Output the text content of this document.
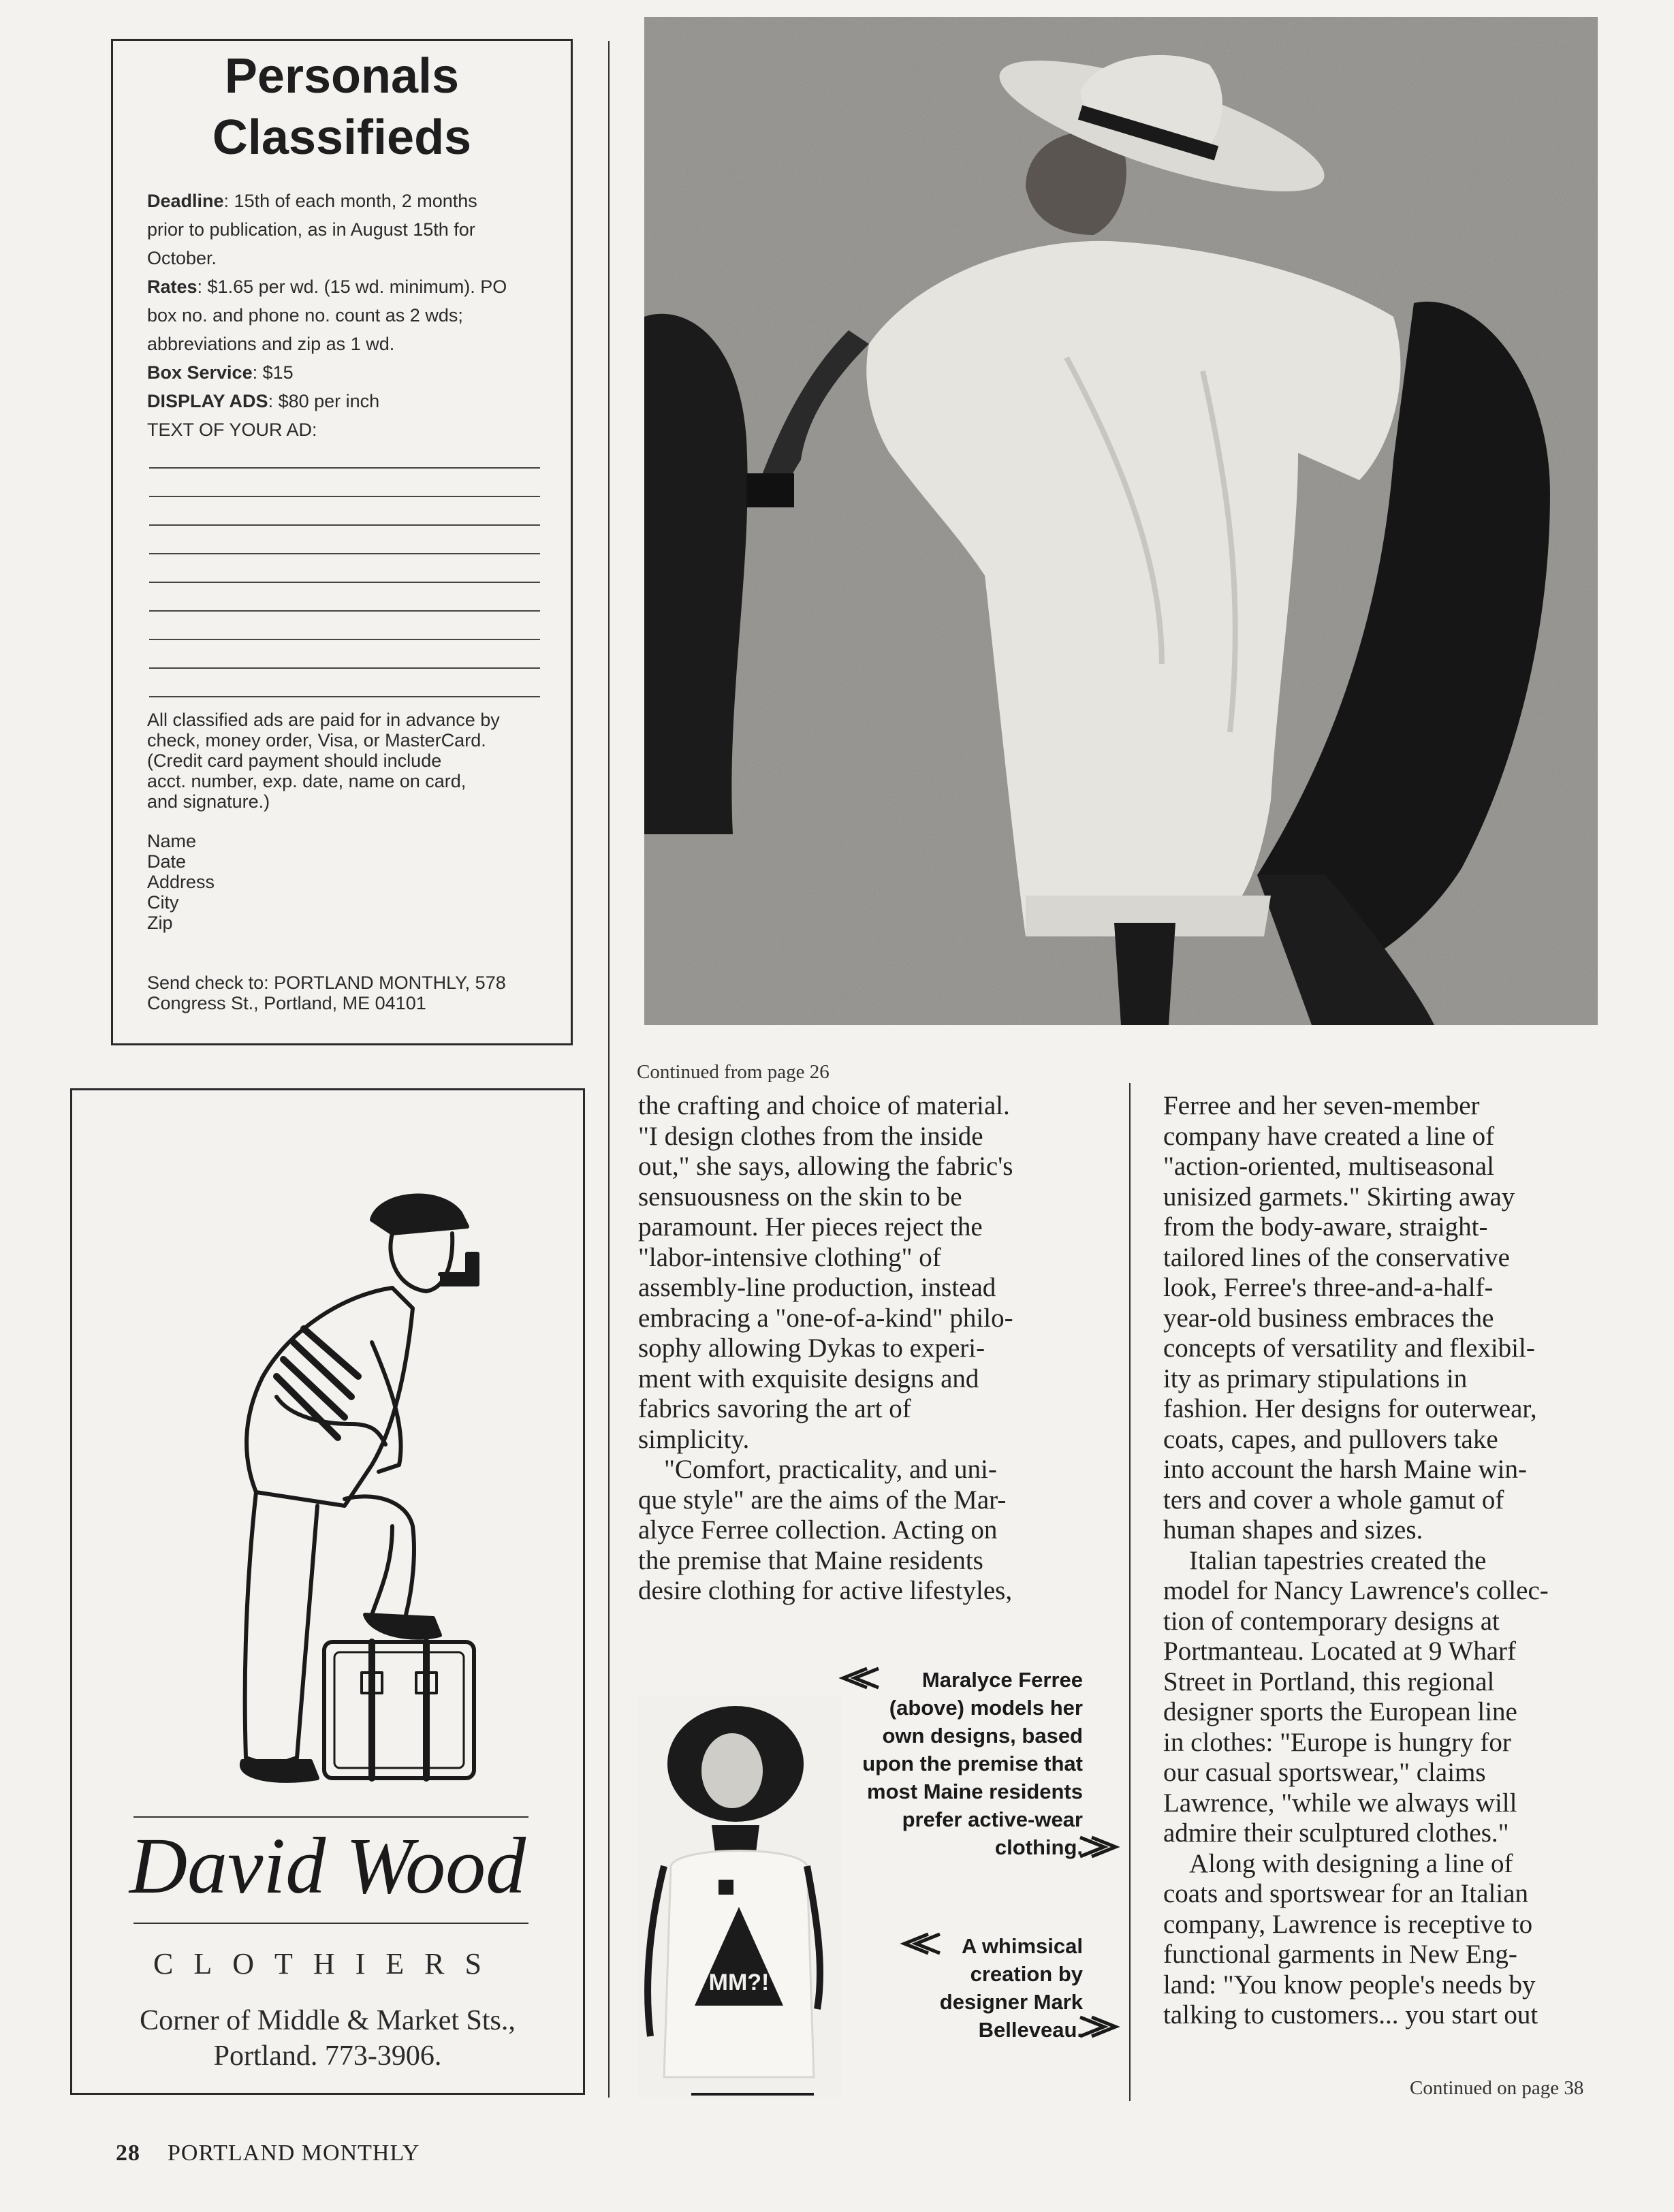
Personals
Classifieds
Deadline: 15th of each month, 2 months
prior to publication, as in August 15th for
October.
Rates: $1.65 per wd. (15 wd. minimum). PO
box no. and phone no. count as 2 wds;
abbreviations and zip as 1 wd.
Box Service: $15
DISPLAY ADS: $80 per inch
TEXT OF YOUR AD:
All classified ads are paid for in advance by
check, money order, Visa, or MasterCard.
(Credit card payment should include
acct. number, exp. date, name on card,
and signature.)
Name
Date
Address
City
Zip
Send check to: PORTLAND MONTHLY, 578
Congress St., Portland, ME 04101
David Wood
CLOTHIERS
Corner of Middle & Market Sts.,
Portland. 773-3906.
Continued from page 26
the crafting and choice of material.
"I design clothes from the inside
out," she says, allowing the fabric's
sensuousness on the skin to be
paramount. Her pieces reject the
"labor-intensive clothing" of
assembly-line production, instead
embracing a "one-of-a-kind" philo-
sophy allowing Dykas to experi-
ment with exquisite designs and
fabrics savoring the art of
simplicity.
"Comfort, practicality, and uni-
que style" are the aims of the Mar-
alyce Ferree collection. Acting on
the premise that Maine residents
desire clothing for active lifestyles,
Ferree and her seven-member
company have created a line of
"action-oriented, multiseasonal
unisized garmets." Skirting away
from the body-aware, straight-
tailored lines of the conservative
look, Ferree's three-and-a-half-
year-old business embraces the
concepts of versatility and flexibil-
ity as primary stipulations in
fashion. Her designs for outerwear,
coats, capes, and pullovers take
into account the harsh Maine win-
ters and cover a whole gamut of
human shapes and sizes.
Italian tapestries created the
model for Nancy Lawrence's collec-
tion of contemporary designs at
Portmanteau. Located at 9 Wharf
Street in Portland, this regional
designer sports the European line
in clothes: "Europe is hungry for
our casual sportswear," claims
Lawrence, "while we always will
admire their sculptured clothes."
Along with designing a line of
coats and sportswear for an Italian
company, Lawrence is receptive to
functional garments in New Eng-
land: "You know people's needs by
talking to customers... you start out
Continued on page 38
MM?!
Maralyce Ferree
(above) models her
own designs, based
upon the premise that
most Maine residents
prefer active-wear
clothing.
A whimsical
creation by
designer Mark
Belleveau.
28 PORTLAND MONTHLY
